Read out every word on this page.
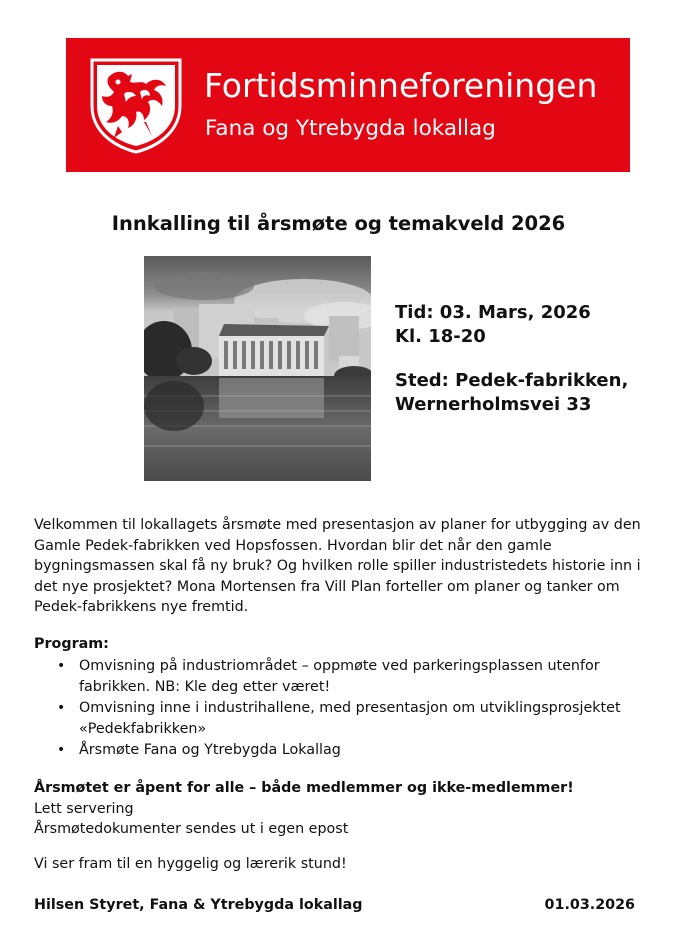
Fortidsminneforeningen
Fana og Ytrebygda lokallag
Innkalling til årsmøte og temakveld 2026
Tid: 03. Mars, 2026
Kl. 18-20
Sted: Pedek-fabrikken,
Wernerholmsvei 33
Velkommen til lokallagets årsmøte med presentasjon av planer for utbygging av den Gamle Pedek-fabrikken ved Hopsfossen. Hvordan blir det når den gamle bygningsmassen skal få ny bruk? Og hvilken rolle spiller industristedets historie inn i det nye prosjektet? Mona Mortensen fra Vill Plan forteller om planer og tanker om Pedek-fabrikkens nye fremtid.
Program:
• Omvisning på industriområdet – oppmøte ved parkeringsplassen utenfor fabrikken. NB: Kle deg etter været!
• Omvisning inne i industrihallene, med presentasjon om utviklingsprosjektet «Pedekfabrikken»
• Årsmøte Fana og Ytrebygda Lokallag
Årsmøtet er åpent for alle – både medlemmer og ikke-medlemmer!
Lett servering
Årsmøtedokumenter sendes ut i egen epost
Vi ser fram til en hyggelig og lærerik stund!
Hilsen Styret, Fana & Ytrebygda lokallag	01.03.2026
